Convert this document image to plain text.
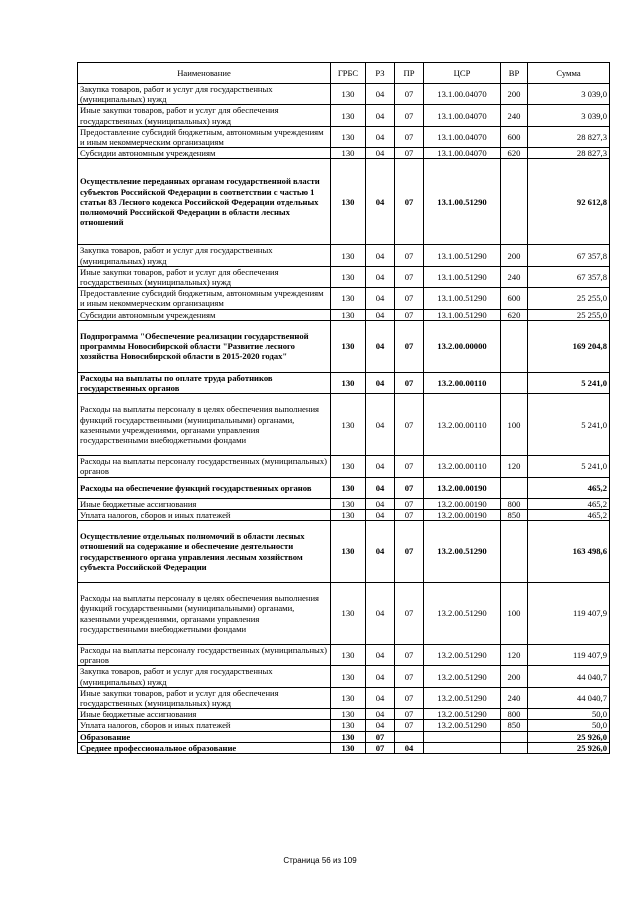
Наименование	ГРБС	РЗ	ПР	ЦСР	ВР	Сумма
Закупка товаров, работ и услуг для государственных (муниципальных) нужд	130	04	07	13.1.00.04070	200	3 039,0
Иные закупки товаров, работ и услуг для обеспечения государственных (муниципальных) нужд	130	04	07	13.1.00.04070	240	3 039,0
Предоставление субсидий бюджетным, автономным учреждениям и иным некоммерческим организациям	130	04	07	13.1.00.04070	600	28 827,3
Субсидии автономным учреждениям	130	04	07	13.1.00.04070	620	28 827,3
Осуществление переданных органам государственной власти субъектов Российской Федерации в соответствии с частью 1 статьи 83 Лесного кодекса Российской Федерации отдельных полномочий Российской Федерации в области лесных отношений	130	04	07	13.1.00.51290		92 612,8
Закупка товаров, работ и услуг для государственных (муниципальных) нужд	130	04	07	13.1.00.51290	200	67 357,8
Иные закупки товаров, работ и услуг для обеспечения государственных (муниципальных) нужд	130	04	07	13.1.00.51290	240	67 357,8
Предоставление субсидий бюджетным, автономным учреждениям и иным некоммерческим организациям	130	04	07	13.1.00.51290	600	25 255,0
Субсидии автономным учреждениям	130	04	07	13.1.00.51290	620	25 255,0
Подпрограмма "Обеспечение реализации государственной программы Новосибирской области "Развитие лесного хозяйства Новосибирской области в 2015-2020 годах"	130	04	07	13.2.00.00000		169 204,8
Расходы на выплаты по оплате труда работников государственных органов	130	04	07	13.2.00.00110		5 241,0
Расходы на выплаты персоналу в целях обеспечения выполнения функций государственными (муниципальными) органами, казенными учреждениями, органами управления государственными внебюджетными фондами	130	04	07	13.2.00.00110	100	5 241,0
Расходы на выплаты персоналу государственных (муниципальных) органов	130	04	07	13.2.00.00110	120	5 241,0
Расходы на обеспечение функций государственных органов	130	04	07	13.2.00.00190		465,2
Иные бюджетные ассигнования	130	04	07	13.2.00.00190	800	465,2
Уплата налогов, сборов и иных платежей	130	04	07	13.2.00.00190	850	465,2
Осуществление отдельных полномочий в области лесных отношений на содержание и обеспечение деятельности государственного органа управления лесным хозяйством субъекта Российской Федерации	130	04	07	13.2.00.51290		163 498,6
Расходы на выплаты персоналу в целях обеспечения выполнения функций государственными (муниципальными) органами, казенными учреждениями, органами управления государственными внебюджетными фондами	130	04	07	13.2.00.51290	100	119 407,9
Расходы на выплаты персоналу государственных (муниципальных) органов	130	04	07	13.2.00.51290	120	119 407,9
Закупка товаров, работ и услуг для государственных (муниципальных) нужд	130	04	07	13.2.00.51290	200	44 040,7
Иные закупки товаров, работ и услуг для обеспечения государственных (муниципальных) нужд	130	04	07	13.2.00.51290	240	44 040,7
Иные бюджетные ассигнования	130	04	07	13.2.00.51290	800	50,0
Уплата налогов, сборов и иных платежей	130	04	07	13.2.00.51290	850	50,0
Образование	130	07				25 926,0
Среднее профессиональное образование	130	07	04			25 926,0
Страница 56 из 109
